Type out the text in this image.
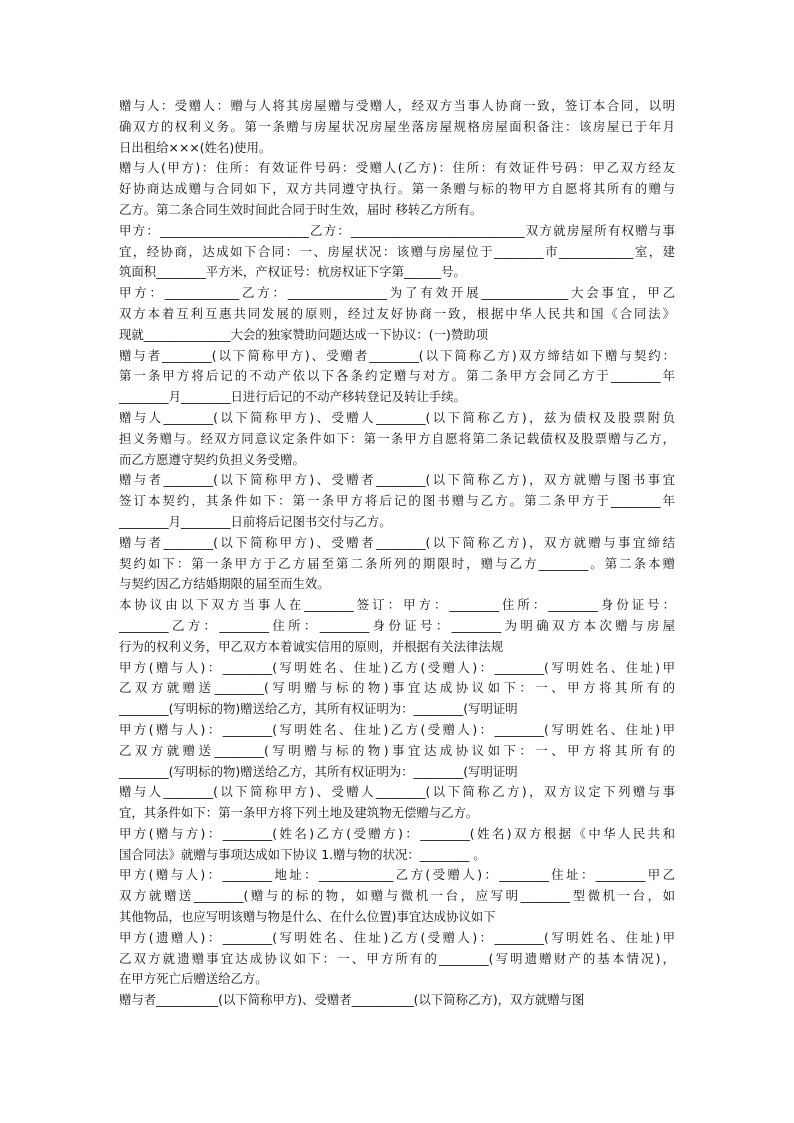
赠与人：受赠人：赠与人将其房屋赠与受赠人，经双方当事人协商一致，签订本合同，以明
确双方的权利义务。第一条赠与房屋状况房屋坐落房屋规格房屋面积备注：该房屋已于年月
日出租给×××(姓名)使用。
赠与人(甲方)：住所：有效证件号码：受赠人(乙方)：住所：有效证件号码：甲乙双方经友
好协商达成赠与合同如下，双方共同遵守执行。第一条赠与标的物甲方自愿将其所有的赠与
乙方。第二条合同生效时间此合同于时生效，届时 移转乙方所有。
甲方：________________________乙方：____________________________双方就房屋所有权赠与事
宜，经协商，达成如下合同：一、房屋状况：该赠与房屋位于________市____________室，建
筑面积________平方米，产权证号：杭房权证下字第______号。
甲方：____________乙方：________________为了有效开展______________大会事宜，甲乙
双方本着互利互惠共同发展的原则，经过友好协商一致，根据中华人民共和国《合同法》
现就______________大会的独家赞助问题达成一下协议：(一)赞助项
赠与者________(以下简称甲方)、受赠者________(以下简称乙方)双方缔结如下赠与契约：
第一条甲方将后记的不动产依以下各条约定赠与对方。第二条甲方会同乙方于________年
________月________日进行后记的不动产移转登记及转让手续。
赠与人________(以下简称甲方)、受赠人________(以下简称乙方)，兹为债权及股票附负
担义务赠与。经双方同意议定条件如下：第一条甲方自愿将第二条记载债权及股票赠与乙方，
而乙方愿遵守契约负担义务受赠。
赠与者________(以下简称甲方)、受赠者________(以下简称乙方)，双方就赠与图书事宜
签订本契约，其条件如下：第一条甲方将后记的图书赠与乙方。第二条甲方于________年
________月________日前将后记图书交付与乙方。
赠与者________(以下简称甲方)、受赠者________(以下简称乙方)，双方就赠与事宜缔结
契约如下：第一条甲方于乙方届至第二条所列的期限时，赠与乙方________。第二条本赠
与契约因乙方结婚期限的届至而生效。
本协议由以下双方当事人在________签订：甲方：________住所：________身份证号：
________乙方：________住所：________身份证号：________为明确双方本次赠与房屋
行为的权利义务，甲乙双方本着诚实信用的原则，并根据有关法律法规
甲方(赠与人)：________(写明姓名、住址)乙方(受赠人)：________(写明姓名、住址)甲
乙双方就赠送________(写明赠与标的物)事宜达成协议如下：一、甲方将其所有的
________(写明标的物)赠送给乙方，其所有权证明为：________(写明证明
甲方(赠与人)：________(写明姓名、住址)乙方(受赠人)：________(写明姓名、住址)甲
乙双方就赠送________(写明赠与标的物)事宜达成协议如下：一、甲方将其所有的
________(写明标的物)赠送给乙方，其所有权证明为：________(写明证明
赠与人________(以下简称甲方)、受赠人________(以下简称乙方)，双方议定下列赠与事
宜，其条件如下：第一条甲方将下列土地及建筑物无偿赠与乙方。
甲方(赠与方)：________(姓名)乙方(受赠方)：________(姓名)双方根据《中华人民共和
国合同法》就赠与事项达成如下协议 1.赠与物的状况：________ 。
甲方(赠与人)：________地址：____________乙方(受赠人)：________住址：________甲乙
双方就赠送________(赠与的标的物，如赠与微机一台，应写明________型微机一台，如
其他物品，也应写明该赠与物是什么、在什么位置)事宜达成协议如下
甲方(遗赠人)：________(写明姓名、住址)乙方(受赠人)：________(写明姓名、住址)甲
乙双方就遗赠事宜达成协议如下：一、甲方所有的________(写明遗赠财产的基本情况)，
在甲方死亡后赠送给乙方。
赠与者__________(以下简称甲方)、受赠者__________(以下简称乙方)，双方就赠与图
